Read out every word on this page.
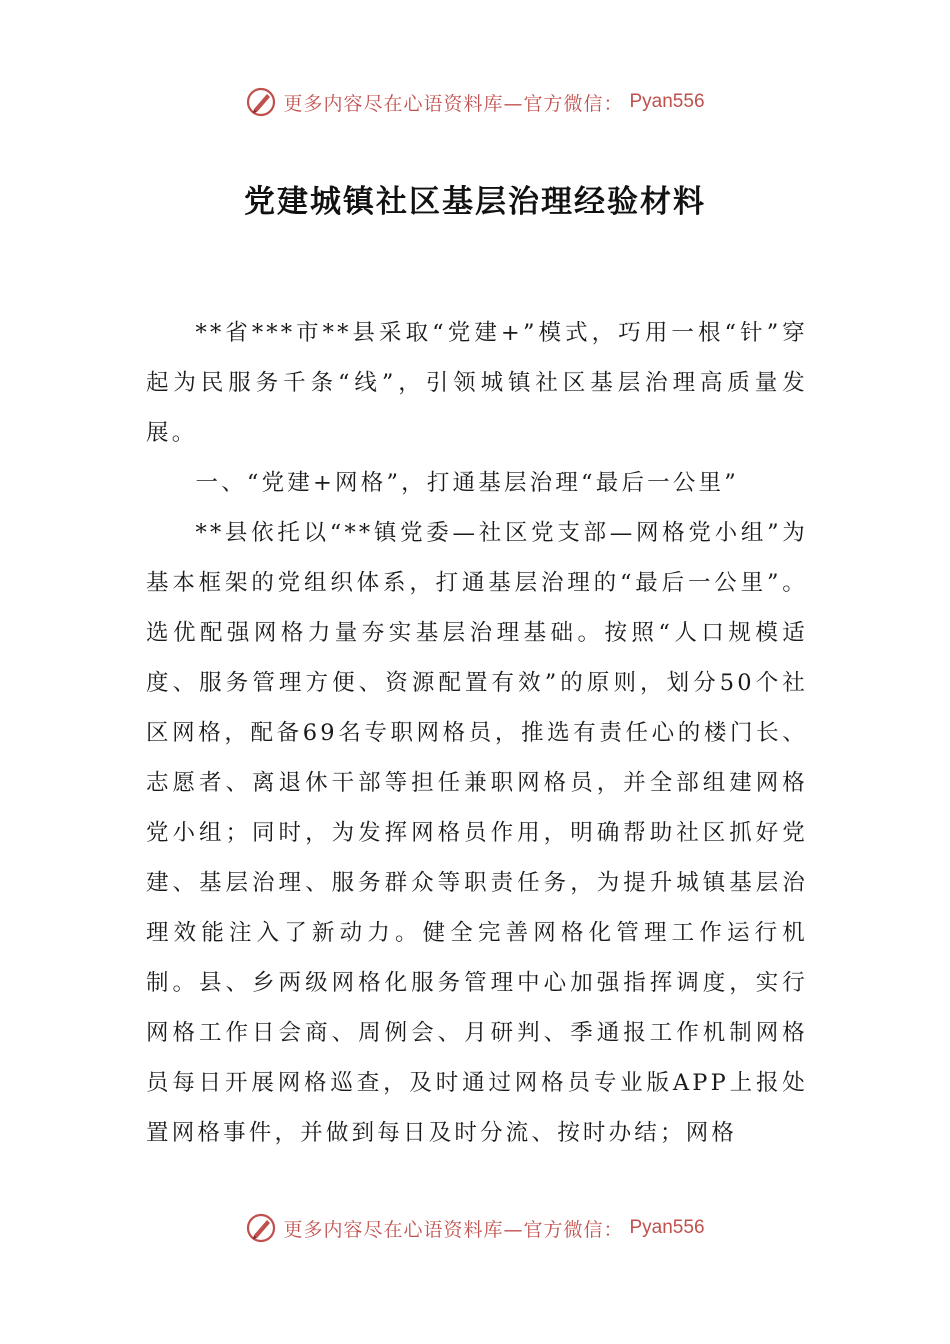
更多内容尽在心语资料库—官方微信： Pyan556
党建城镇社区基层治理经验材料

**省***市**县采取“党建+”模式，巧用一根“针”穿起为民服务千条“线”，引领城镇社区基层治理高质量发展。

一、“党建+网格”，打通基层治理“最后一公里”

**县依托以“**镇党委—社区党支部—网格党小组”为基本框架的党组织体系，打通基层治理的“最后一公里”。选优配强网格力量夯实基层治理基础。按照“人口规模适度、服务管理方便、资源配置有效”的原则，划分50个社区网格，配备69名专职网格员，推选有责任心的楼门长、志愿者、离退休干部等担任兼职网格员，并全部组建网格党小组；同时，为发挥网格员作用，明确帮助社区抓好党建、基层治理、服务群众等职责任务，为提升城镇基层治理效能注入了新动力。健全完善网格化管理工作运行机制。县、乡两级网格化服务管理中心加强指挥调度，实行网格工作日会商、周例会、月研判、季通报工作机制网格员每日开展网格巡查，及时通过网格员专业版APP上报处置网格事件，并做到每日及时分流、按时办结；网格

更多内容尽在心语资料库—官方微信： Pyan556
